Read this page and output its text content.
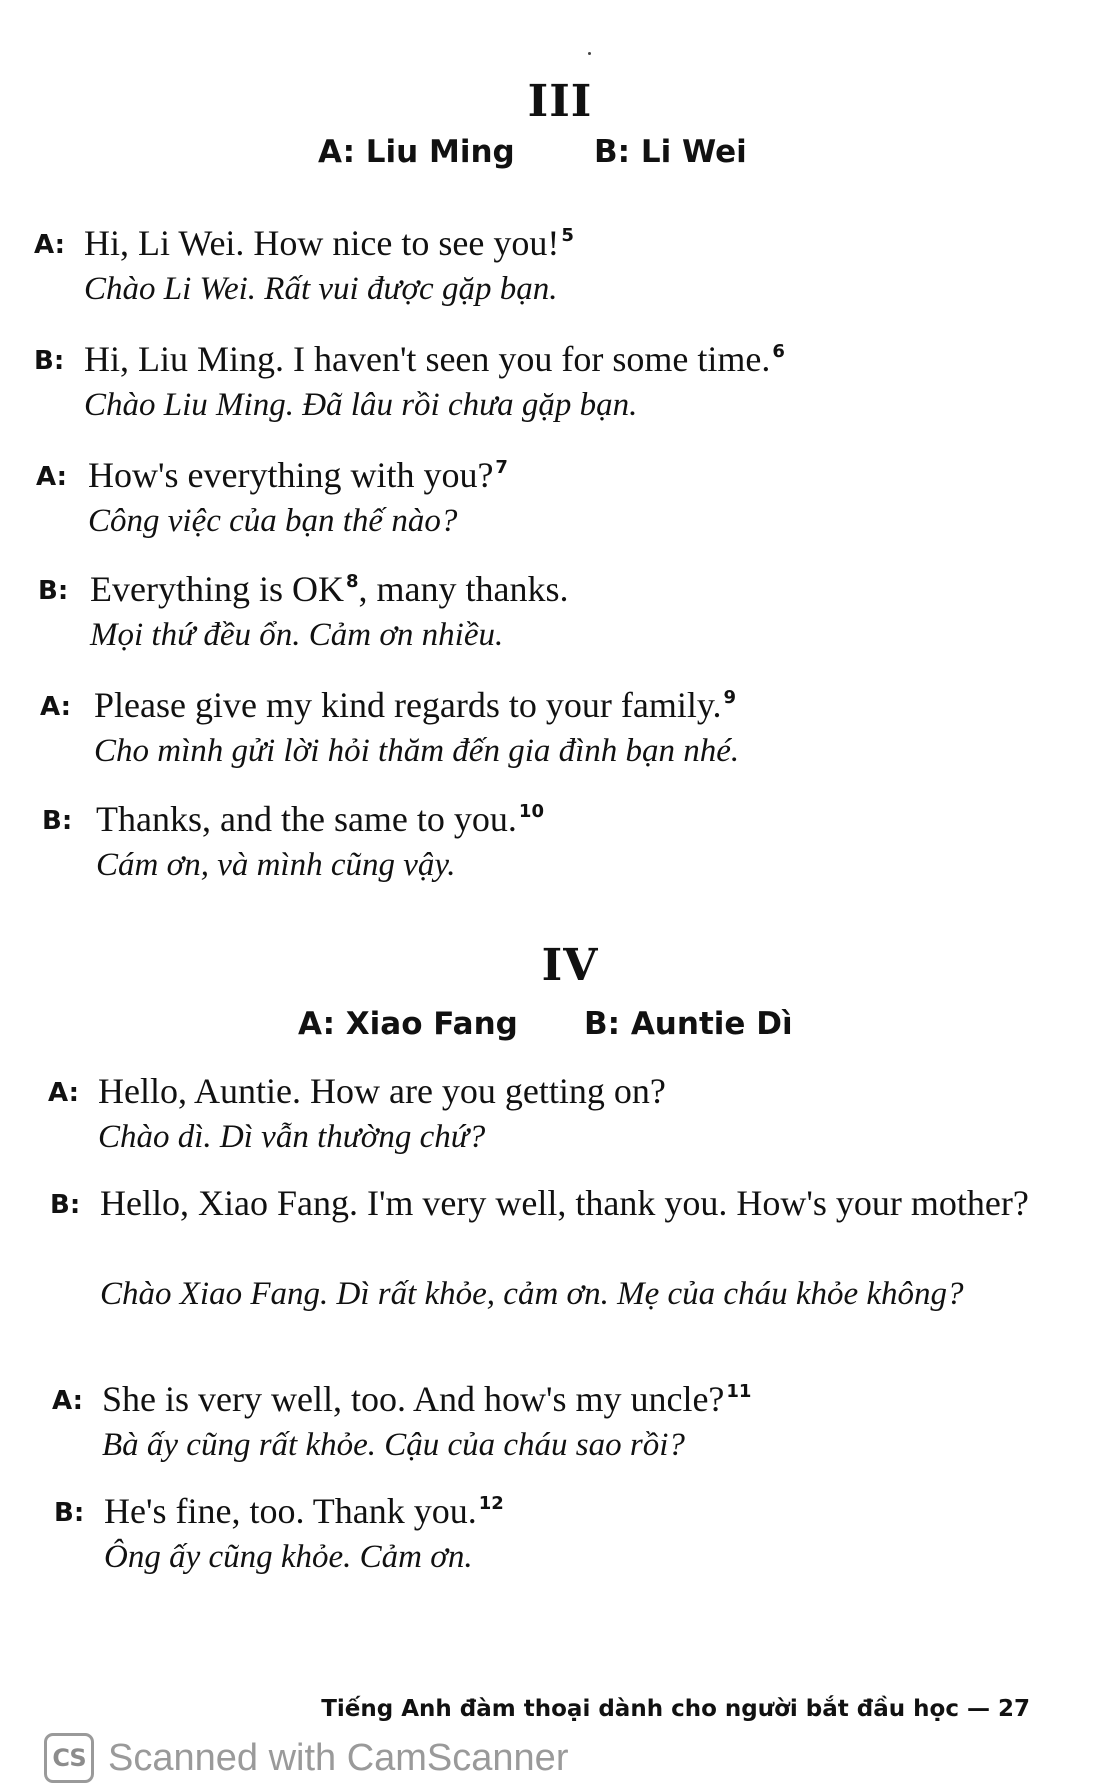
III
A: Liu Ming	B: Li Wei
A: Hi, Li Wei. How nice to see you! $^5$
Chào Li Wei. Rất vui được gặp bạn.
B: Hi, Liu Ming. I haven't seen you for some time. $^6$
Chào Liu Ming. Đã lâu rồi chưa gặp bạn.
A: How's everything with you? $^7$
Công việc của bạn thế nào?
B: Everything is OK $^8$, many thanks.
Mọi thứ đều ổn. Cảm ơn nhiều.
A: Please give my kind regards to your family. $^9$
Cho mình gửi lời hỏi thăm đến gia đình bạn nhé.
B: Thanks, and the same to you. $^{10}$
Cám ơn, và mình cũng vậy.
IV
A: Xiao Fang B: Auntie Dì
A: Hello, Auntie. How are you getting on?
Chào dì. Dì vẫn thường chứ?
B: Hello, Xiao Fang. I'm very well, thank you. How's your mother?
Chào Xiao Fang. Dì rất khỏe, cảm ơn. Mẹ của cháu khỏe không?
A: She is very well, too. And how's my uncle? $^{11}$
Bà ấy cũng rất khỏe. Cậu của cháu sao rồi?
B: He's fine, too. Thank you. $^{12}$
Ông ấy cũng khỏe. Cảm ơn.
Tiếng Anh đàm thoại dành cho người bắt đầu học — 27
CS Scanned with CamScanner
